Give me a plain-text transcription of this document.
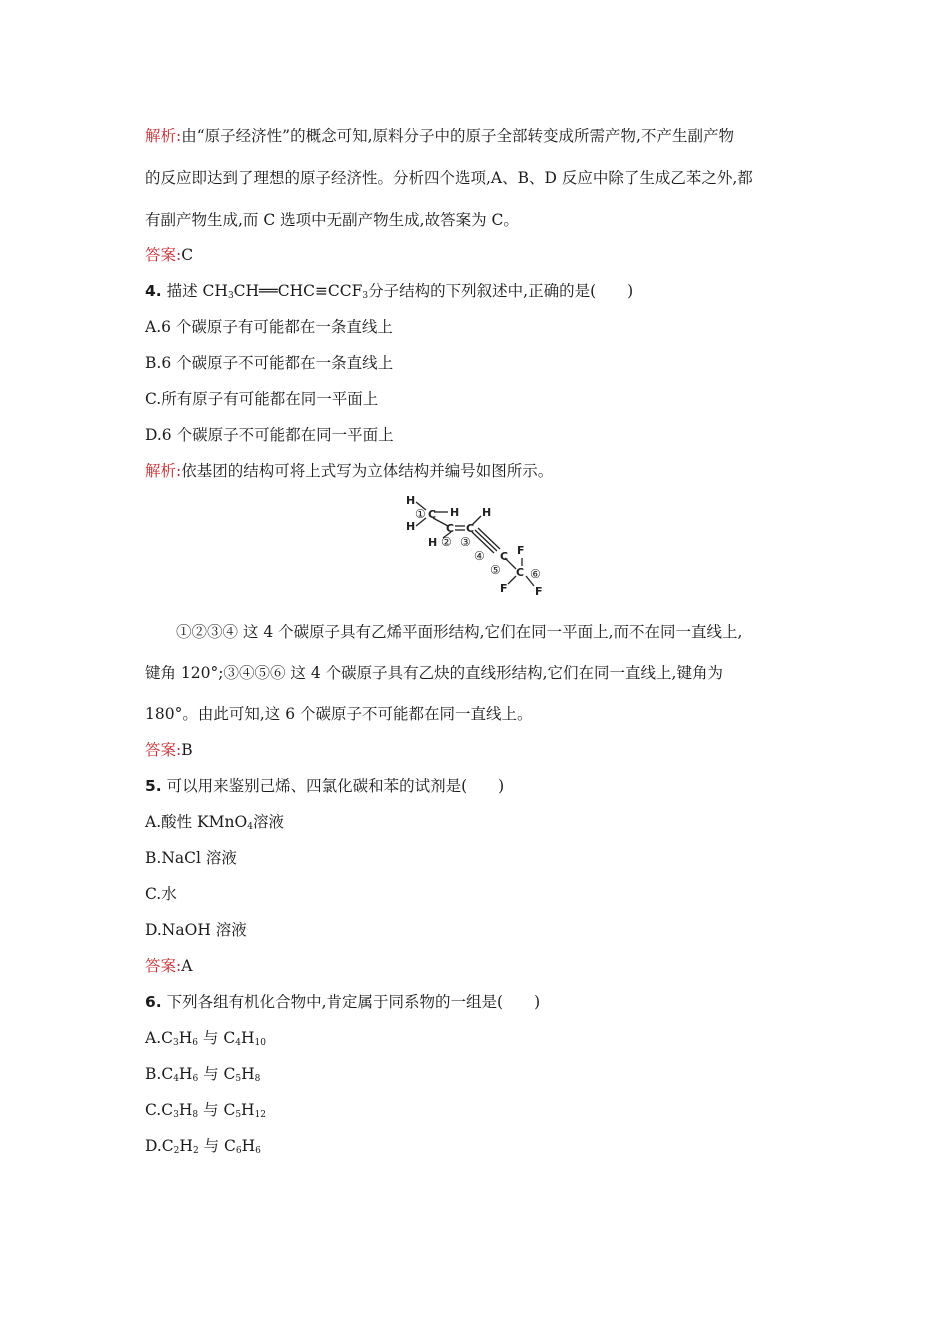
解析:由“原子经济性”的概念可知,原料分子中的原子全部转变成所需产物,不产生副产物
的反应即达到了理想的原子经济性。分析四个选项,A、B、D 反应中除了生成乙苯之外,都
有副产物生成,而 C 选项中无副产物生成,故答案为 C。
答案:C
4. 描述 $CH_3CH══CHC\equiv CCF_3$分子结构的下列叙述中,正确的是(　　)
A.6 个碳原子有可能都在一条直线上
B.6 个碳原子不可能都在一条直线上
C.所有原子有可能都在同一平面上
D.6 个碳原子不可能都在同一平面上
解析:依基团的结构可将上式写为立体结构并编号如图所示。
H
H
① C H
C
H ②
C
③
H
④ C
⑤
F
C ⑥
F F
①②③④ 这 4 个碳原子具有乙烯平面形结构,它们在同一平面上,而不在同一直线上,
键角 120°;③④⑤⑥ 这 4 个碳原子具有乙炔的直线形结构,它们在同一直线上,键角为
180°。由此可知,这 6 个碳原子不可能都在同一直线上。
答案:B
5. 可以用来鉴别己烯、四氯化碳和苯的试剂是(　　)
A.酸性 KMnO$_4$溶液
B.NaCl 溶液
C.水
D.NaOH 溶液
答案:A
6. 下列各组有机化合物中,肯定属于同系物的一组是(　　)
$A.C_3H_6$ 与 $C_4H_{10}$
$B.C_4H_6$ 与 $C_5H_8$
$C.C_3H_8$ 与 $C_5H_{12}$
$D.C_2H_2$ 与 $C_6H_6$
